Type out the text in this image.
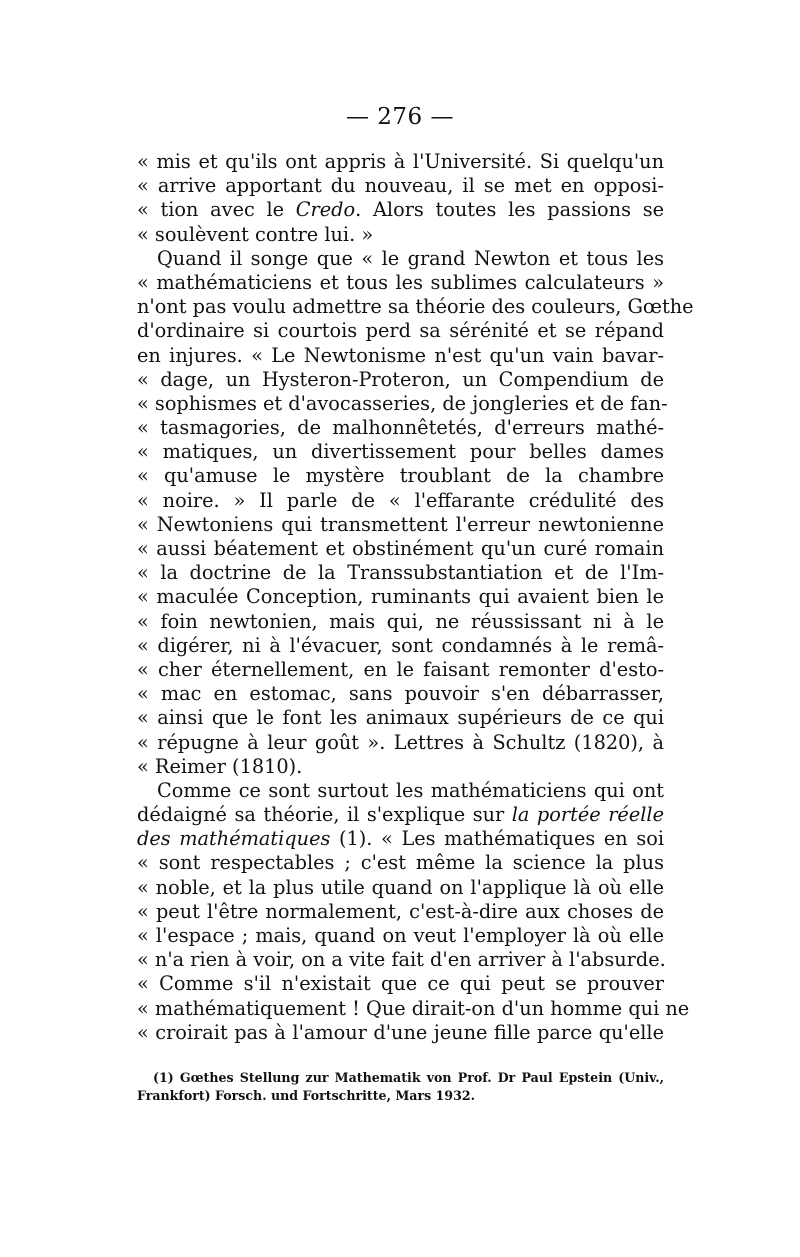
— 276 —
« mis et qu'ils ont appris à l'Université. Si quelqu'un
« arrive apportant du nouveau, il se met en opposi-
« tion avec le Credo. Alors toutes les passions se
« soulèvent contre lui. »
Quand il songe que « le grand Newton et tous les
« mathématiciens et tous les sublimes calculateurs »
n'ont pas voulu admettre sa théorie des couleurs, Gœthe
d'ordinaire si courtois perd sa sérénité et se répand
en injures. « Le Newtonisme n'est qu'un vain bavar-
« dage, un Hysteron-Proteron, un Compendium de
« sophismes et d'avocasseries, de jongleries et de fan-
« tasmagories, de malhonnêtetés, d'erreurs mathé-
« matiques, un divertissement pour belles dames
« qu'amuse le mystère troublant de la chambre
« noire. » Il parle de « l'effarante crédulité des
« Newtoniens qui transmettent l'erreur newtonienne
« aussi béatement et obstinément qu'un curé romain
« la doctrine de la Transsubstantiation et de l'Im-
« maculée Conception, ruminants qui avaient bien le
« foin newtonien, mais qui, ne réussissant ni à le
« digérer, ni à l'évacuer, sont condamnés à le remâ-
« cher éternellement, en le faisant remonter d'esto-
« mac en estomac, sans pouvoir s'en débarrasser,
« ainsi que le font les animaux supérieurs de ce qui
« répugne à leur goût ». Lettres à Schultz (1820), à
« Reimer (1810).
Comme ce sont surtout les mathématiciens qui ont
dédaigné sa théorie, il s'explique sur la portée réelle
des mathématiques (1). « Les mathématiques en soi
« sont respectables ; c'est même la science la plus
« noble, et la plus utile quand on l'applique là où elle
« peut l'être normalement, c'est-à-dire aux choses de
« l'espace ; mais, quand on veut l'employer là où elle
« n'a rien à voir, on a vite fait d'en arriver à l'absurde.
« Comme s'il n'existait que ce qui peut se prouver
« mathématiquement ! Que dirait-on d'un homme qui ne
« croirait pas à l'amour d'une jeune fille parce qu'elle
(1) Gœthes Stellung zur Mathematik von Prof. Dr Paul Epstein (Univ.,
Frankfort) Forsch. und Fortschritte, Mars 1932.
